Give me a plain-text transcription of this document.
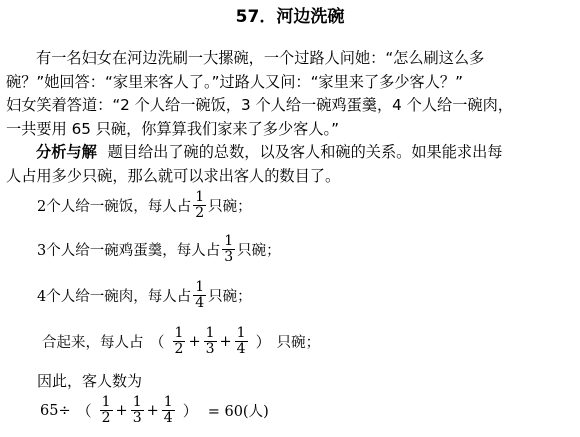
57．河边洗碗
有一名妇女在河边洗刷一大摞碗，一个过路人问她：“怎么刷这么多
碗？”她回答：“家里来客人了。”过路人又问：“家里来了多少客人？”
妇女笑着答道：“2 个人给一碗饭，3 个人给一碗鸡蛋羹，4 个人给一碗肉，
一共要用 65 只碗，你算算我们家来了多少客人。”
分析与解 题目给出了碗的总数，以及客人和碗的关系。如果能求出每
人占用多少只碗，那么就可以求出客人的数目了。
2个人给一碗饭，每人占 $\frac{1}{2}$ 只碗；
3个人给一碗鸡蛋羹，每人占 $\frac{1}{3}$ 只碗；
4个人给一碗肉，每人占 $\frac{1}{4}$ 只碗；
合起来，每人占 （ $\frac{1}{2} + \frac{1}{3} + \frac{1}{4}$ ） 只碗；
因此，客人数为
65÷ （ $\frac{1}{2} + \frac{1}{3} + \frac{1}{4}$ ） = 60(人)
